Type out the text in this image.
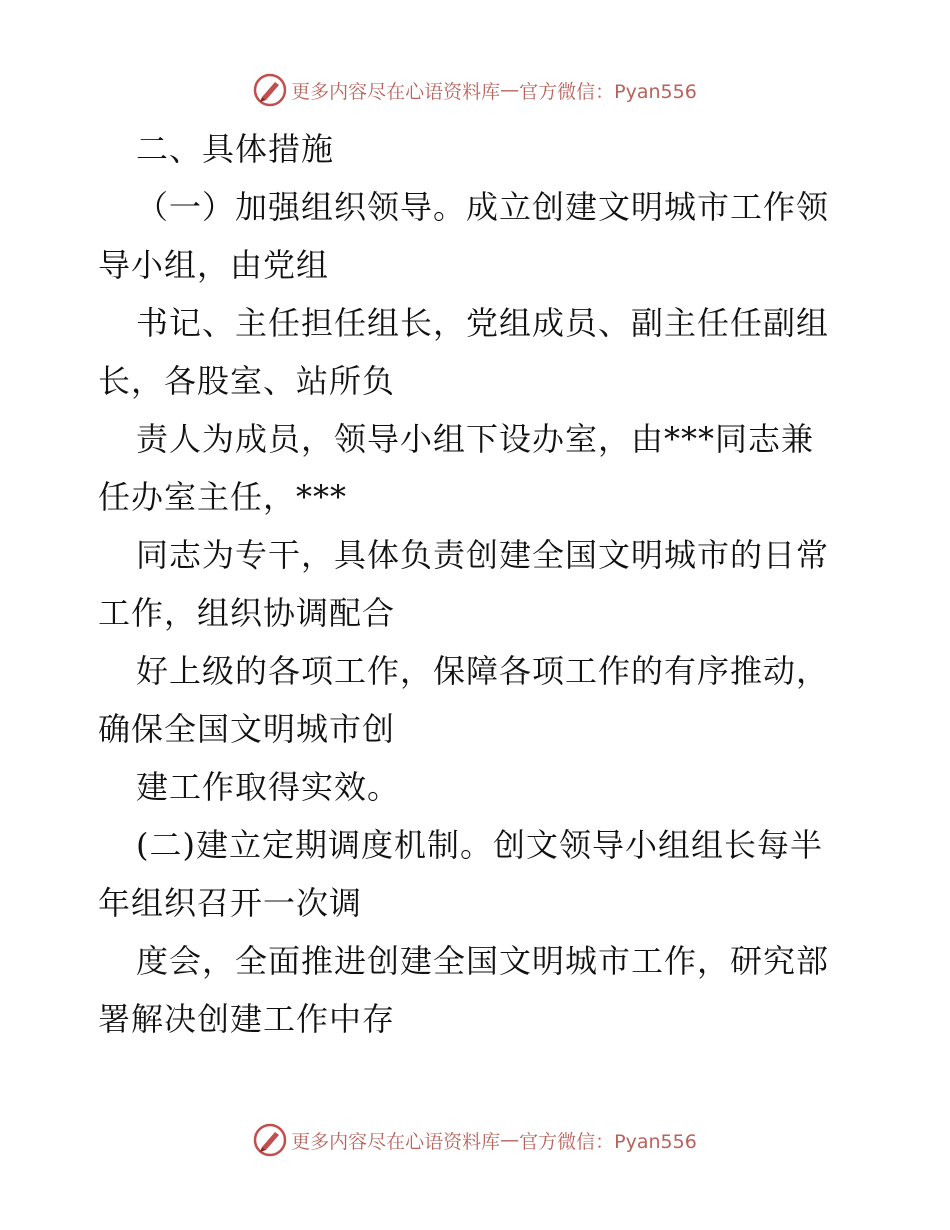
更多内容尽在心语资料库 — 官方微信：Pyan556
二、具体措施
（一）加强组织领导。成立创建文明城市工作领
导小组，由党组
书记、主任担任组长，党组成员、副主任任副组
长，各股室、站所负
责人为成员，领导小组下设办室，由***同志兼
任办室主任，***
同志为专干，具体负责创建全国文明城市的日常
工作，组织协调配合
好上级的各项工作，保障各项工作的有序推动，
确保全国文明城市创
建工作取得实效。
(二)建立定期调度机制。创文领导小组组长每半
年组织召开一次调
度会，全面推进创建全国文明城市工作，研究部
署解决创建工作中存
更多内容尽在心语资料库 — 官方微信：Pyan556
